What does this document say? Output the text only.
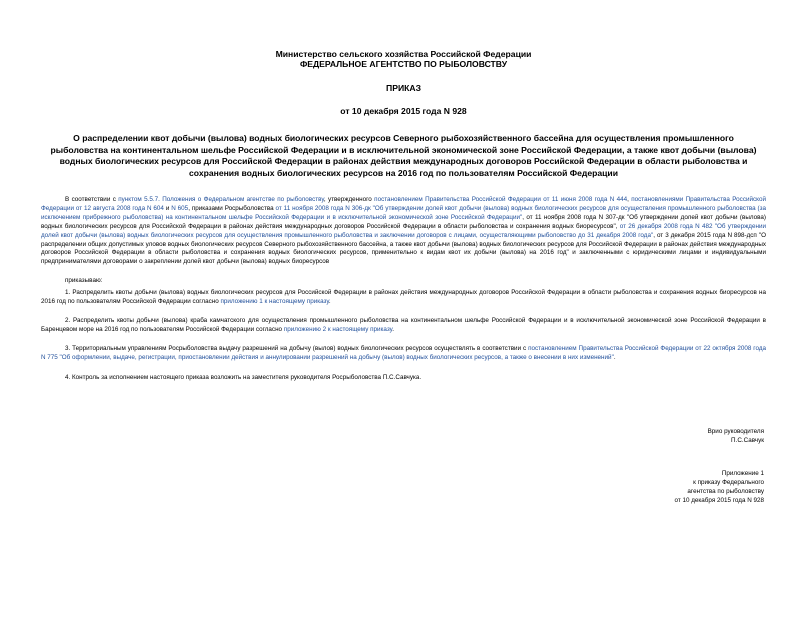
Министерство сельского хозяйства Российской Федерации
ФЕДЕРАЛЬНОЕ АГЕНТСТВО ПО РЫБОЛОВСТВУ
ПРИКАЗ
от 10 декабря 2015 года N 928
О распределении квот добычи (вылова) водных биологических ресурсов Северного рыбохозяйственного бассейна для осуществления промышленного рыболовства на континентальном шельфе Российской Федерации и в исключительной экономической зоне Российской Федерации, а также квот добычи (вылова) водных биологических ресурсов для Российской Федерации в районах действия международных договоров Российской Федерации в области рыболовства и сохранения водных биологических ресурсов на 2016 год по пользователям Российской Федерации

В соответствии с пунктом 5.5.7. Положения о Федеральном агентстве по рыболовству, утвержденного постановлением Правительства Российской Федерации от 11 июня 2008 года N 444, постановлениями Правительства Российской Федерации от 12 августа 2008 года N 604 и N 605, приказами Росрыболовства от 11 ноября 2008 года N 306-дк "Об утверждении долей квот добычи (вылова) водных биологических ресурсов для осуществления промышленного рыболовства (за исключением прибрежного рыболовства) на континентальном шельфе Российской Федерации и в исключительной экономической зоне Российской Федерации", от 11 ноября 2008 года N 307-дк "Об утверждении долей квот добычи (вылова) водных биологических ресурсов для Российской Федерации в районах действия международных договоров Российской Федерации в области рыболовства и сохранения водных биоресурсов", от 26 декабря 2008 года N 482 "Об утверждении долей квот добычи (вылова) водных биологических ресурсов для осуществления промышленного рыболовства и заключении договоров с лицами, осуществляющими рыболовство до 31 декабря 2008 года", от 3 декабря 2015 года N 898-дсп "О распределении общих допустимых уловов водных биологических ресурсов Северного рыбохозяйственного бассейна, а также квот добычи (вылова) водных биологических ресурсов для Российской Федерации в районах действия международных договоров Российской Федерации в области рыболовства и сохранения водных биологических ресурсов, применительно к видам квот их добычи (вылова) на 2016 год" и заключенными с юридическими лицами и индивидуальными предпринимателями договорами о закреплении долей квот добычи (вылова) водных биоресурсов

приказываю:

1. Распределить квоты добычи (вылова) водных биологических ресурсов для Российской Федерации в районах действия международных договоров Российской Федерации в области рыболовства и сохранения водных биоресурсов на 2016 год по пользователям Российской Федерации согласно приложению 1 к настоящему приказу.

2. Распределить квоты добычи (вылова) краба камчатского для осуществления промышленного рыболовства на континентальном шельфе Российской Федерации и в исключительной экономической зоне Российской Федерации в Баренцевом море на 2016 год по пользователям Российской Федерации согласно приложению 2 к настоящему приказу.

3. Территориальным управлениям Росрыболовства выдачу разрешений на добычу (вылов) водных биологических ресурсов осуществлять в соответствии с постановлением Правительства Российской Федерации от 22 октября 2008 года N 775 "Об оформлении, выдаче, регистрации, приостановлении действия и аннулировании разрешений на добычу (вылов) водных биологических ресурсов, а также о внесении в них изменений".

4. Контроль за исполнением настоящего приказа возложить на заместителя руководителя Росрыболовства П.С.Савчука.

Врио руководителя
П.С.Савчук
Приложение 1
к приказу Федерального
агентства по рыболовству
от 10 декабря 2015 года N 928
